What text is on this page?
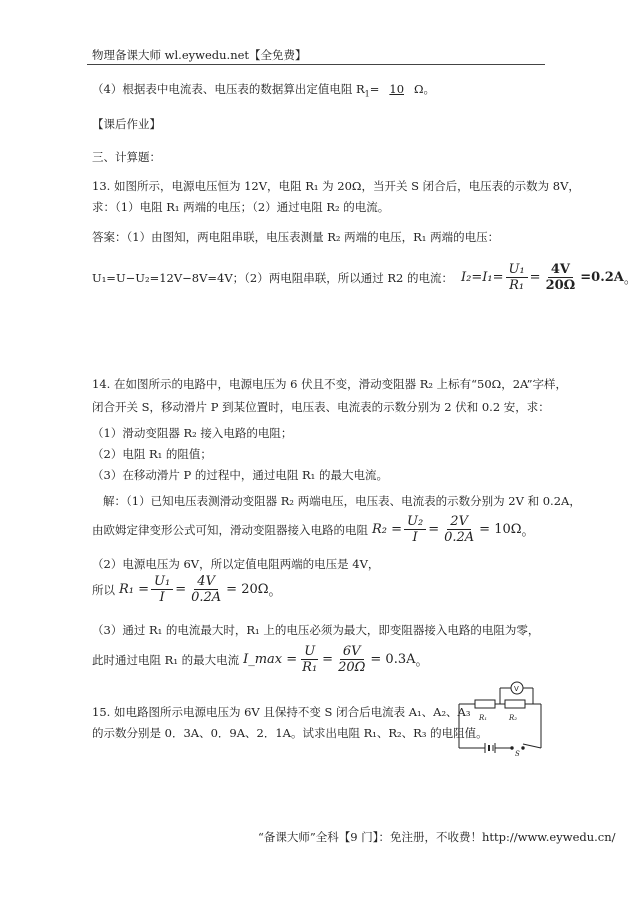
物理备课大师 wl.eywedu.net【全免费】
（4）根据表中电流表、电压表的数据算出定值电阻 $R_1= 10$ Ω。
【课后作业】
三、计算题：
13. 如图所示，电源电压恒为 12V，电阻 R₁ 为 20Ω，当开关 S 闭合后，电压表的示数为 8V，
求：（1）电阻 R₁ 两端的电压；（2）通过电阻 R₂ 的电流。
答案：（1）由图知，两电阻串联，电压表测量 R₂ 两端的电压，R₁ 两端的电压：
U₁=U−U₂=12V−8V=4V；（2）两电阻串联，所以通过 R2 的电流： $I_2=I_1= \frac{\text{U₁}}{\text{R₁}} = \frac{4V}{20\Omega} =0.2A$ 。
14. 在如图所示的电路中，电源电压为 6 伏且不变，滑动变阻器 R₂ 上标有“50Ω，2A”字样，
闭合开关 S，移动滑片 P 到某位置时，电压表、电流表的示数分别为 2 伏和 0.2 安，求：
（1）滑动变阻器 R₂ 接入电路的电阻；
（2）电阻 R₁ 的阻值；
（3）在移动滑片 P 的过程中，通过电阻 R₁ 的最大电流。
解：（1）已知电压表测滑动变阻器 R₂ 两端电压，电压表、电流表的示数分别为 2V 和 0.2A，
由欧姆定律变形公式可知，滑动变阻器接入电路的电阻 $R_2 = \frac{\text{U₂}}{I} = \frac{2V}{0.2A} = 10\Omega$ 。
（2）电源电压为 6V，所以定值电阻两端的电压是 4V，
所以 $R_1 = \frac{\text{U₁}}{I} = \frac{4V}{0.2A} = 20\Omega$ 。
（3）通过 R₁ 的电流最大时，R₁ 上的电压必须为最大，即变阻器接入电路的电阻为零，
此时通过电阻 R₁ 的最大电流 I_max = $\frac{U}{\text{R₁}} = \frac{6V}{20\Omega} = 0.3A$ 。
15. 如电路图所示电源电压为 6V 且保持不变 S 闭合后电流表 A₁、A₂、A₃
的示数分别是 0．3A、0．9A、2．1A。试求出电阻 R₁、R₂、R₃ 的电阻值。
V
R₁	R₂
S
“备课大师”全科【9 门】：免注册，不收费！http://www.eywedu.cn/
